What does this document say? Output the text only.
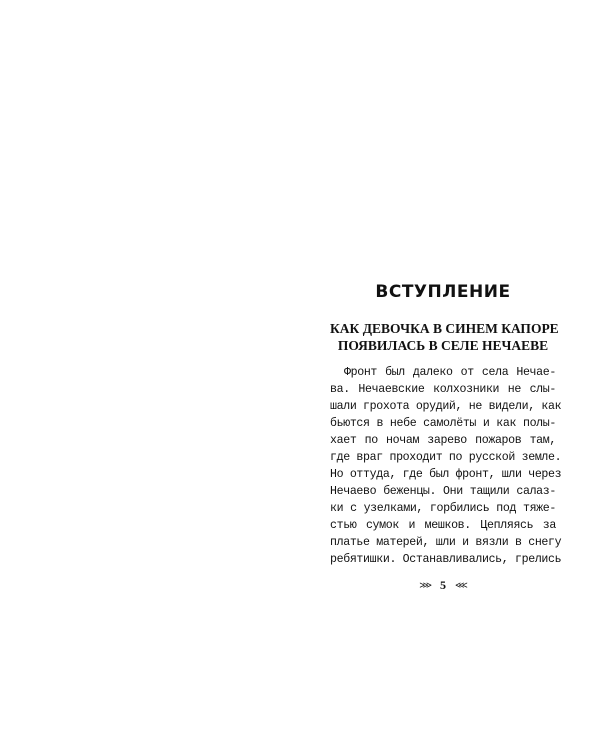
ВСТУПЛЕНИЕ
КАК ДЕВОЧКА В СИНЕМ КАПОРЕ
ПОЯВИЛАСЬ В СЕЛЕ НЕЧАЕВЕ
Фронт был далеко от села Нечае-
ва. Нечаевские колхозники не слы-
шали грохота орудий, не видели, как
бьются в небе самолёты и как полы-
хает по ночам зарево пожаров там,
где враг проходит по русской земле.
Но оттуда, где был фронт, шли через
Нечаево беженцы. Они тащили салаз-
ки с узелками, горбились под тяже-
стью сумок и мешков. Цепляясь за
платье матерей, шли и вязли в снегу
ребятишки. Останавливались, грелись
⋙ 5 ⋘
